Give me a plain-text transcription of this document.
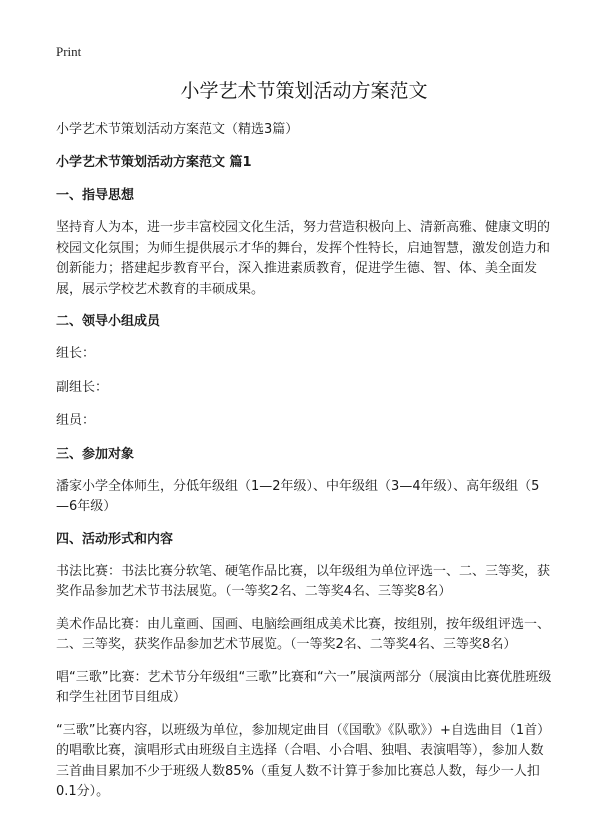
Print
小学艺术节策划活动方案范文
小学艺术节策划活动方案范文（精选3篇）
小学艺术节策划活动方案范文 篇1
一、指导思想
坚持育人为本，进一步丰富校园文化生活，努力营造积极向上、清新高雅、健康文明的校园文化氛围；为师生提供展示才华的舞台，发挥个性特长，启迪智慧，激发创造力和创新能力；搭建起步教育平台，深入推进素质教育，促进学生德、智、体、美全面发展，展示学校艺术教育的丰硕成果。
二、领导小组成员
组长：
副组长：
组员：
三、参加对象
潘家小学全体师生，分低年级组（1—2年级）、中年级组（3—4年级）、高年级组（5—6年级）
四、活动形式和内容
书法比赛：书法比赛分软笔、硬笔作品比赛，以年级组为单位评选一、二、三等奖，获奖作品参加艺术节书法展览。（一等奖2名、二等奖4名、三等奖8名）
美术作品比赛：由儿童画、国画、电脑绘画组成美术比赛，按组别，按年级组评选一、二、三等奖，获奖作品参加艺术节展览。（一等奖2名、二等奖4名、三等奖8名）
唱“三歌”比赛：艺术节分年级组“三歌”比赛和“六一”展演两部分（展演由比赛优胜班级和学生社团节目组成）
“三歌”比赛内容，以班级为单位，参加规定曲目（《国歌》《队歌》）+自选曲目（1首）的唱歌比赛，演唱形式由班级自主选择（合唱、小合唱、独唱、表演唱等），参加人数三首曲目累加不少于班级人数85%（重复人数不计算于参加比赛总人数，每少一人扣0.1分）。
